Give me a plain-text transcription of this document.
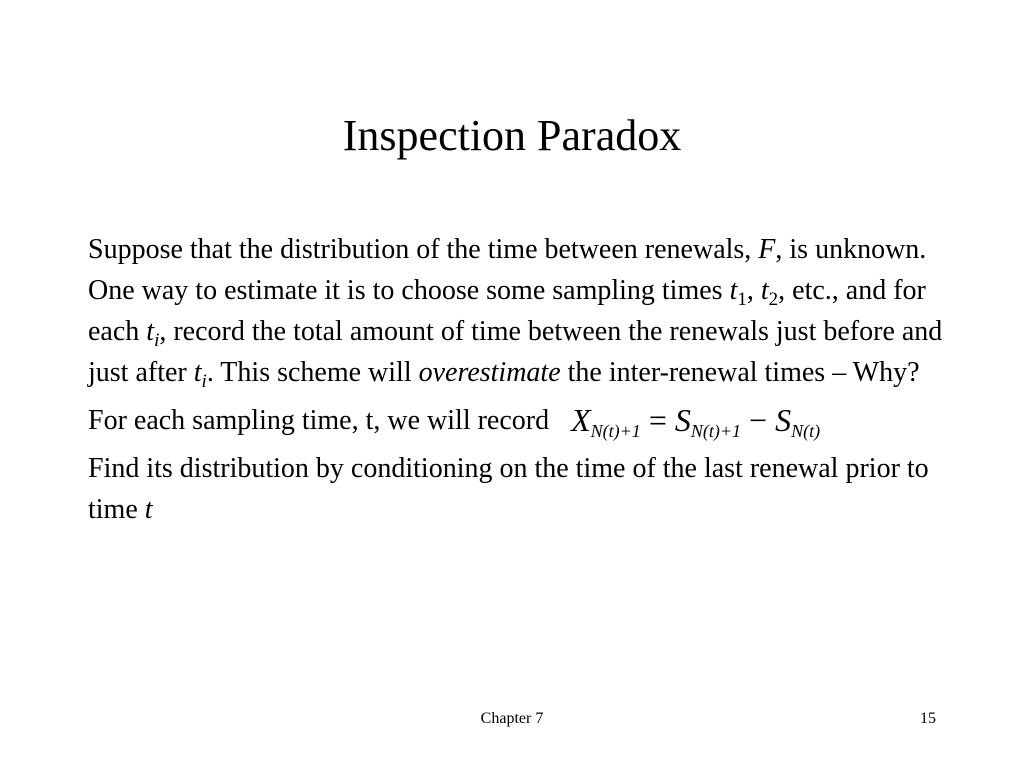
Inspection Paradox

Suppose that the distribution of the time between renewals, F, is unknown. One way to estimate it is to choose some sampling times $t_1$, $t_2$, etc., and for each $t_i$, record the total amount of time between the renewals just before and just after $t_i$. This scheme will overestimate the inter-renewal times – Why?

For each sampling time, t, we will record $X_{N(t)+1} = S_{N(t)+1} - S_{N(t)}$

Find its distribution by conditioning on the time of the last renewal prior to time t

Chapter 7	15
